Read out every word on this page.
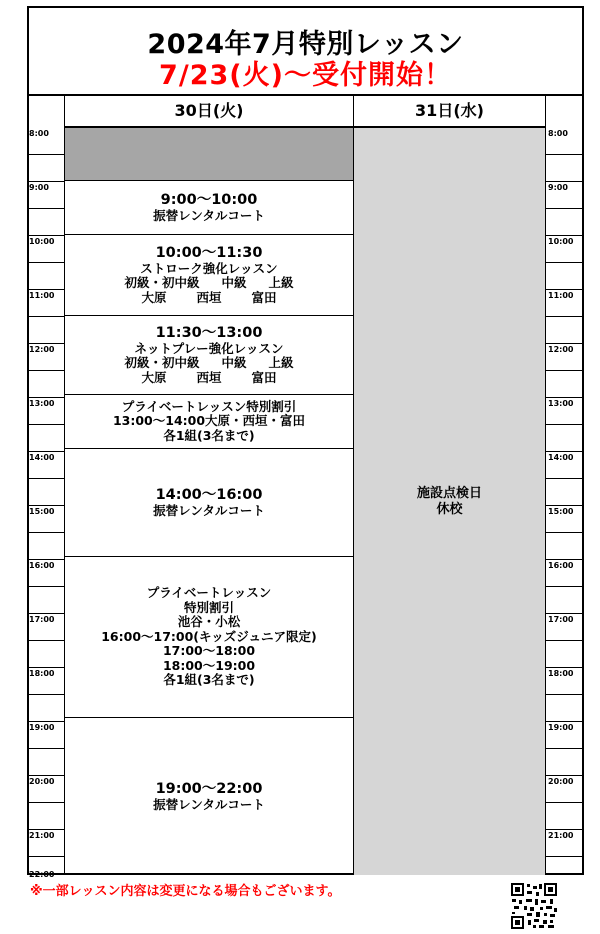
2024年7月特別レッスン
7/23(火)～受付開始！
30日(火)	31日(水)
8:00
9:00
10:00
11:00
12:00
13:00
14:00
15:00
16:00
17:00
18:00
19:00
20:00
21:00
22:00
8:00
9:00
10:00
11:00
12:00
13:00
14:00
15:00
16:00
17:00
18:00
19:00
20:00
21:00
9:00～10:00
振替レンタルコート
10:00～11:30
ストローク強化レッスン
初級・初中級 中級 上級
大原 西垣 富田
11:30～13:00
ネットプレー強化レッスン
初級・初中級 中級 上級
大原 西垣 富田
プライベートレッスン特別割引
13:00～14:00大原・西垣・富田
各1組(3名まで)
14:00～16:00
振替レンタルコート
プライベートレッスン
特別割引
池谷・小松
16:00～17:00(キッズジュニア限定)
17:00～18:00
18:00～19:00
各1組(3名まで)
19:00～22:00
振替レンタルコート
施設点検日
休校
※一部レッスン内容は変更になる場合もございます。
